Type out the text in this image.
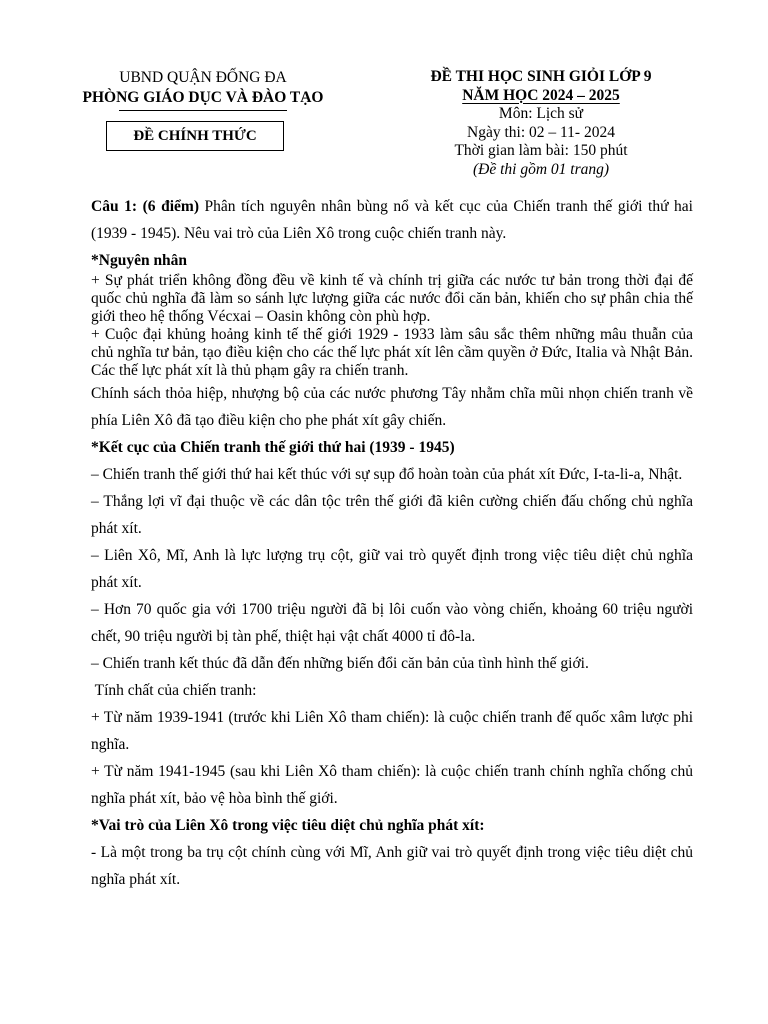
UBND QUẬN ĐỐNG ĐA
PHÒNG GIÁO DỤC VÀ ĐÀO TẠO
ĐỀ CHÍNH THỨC
ĐỀ THI HỌC SINH GIỎI LỚP 9
NĂM HỌC 2024 – 2025
Môn: Lịch sử
Ngày thi: 02 – 11- 2024
Thời gian làm bài: 150 phút
(Đề thi gồm 01 trang)

Câu 1: (6 điểm) Phân tích nguyên nhân bùng nổ và kết cục của Chiến tranh thế giới thứ hai (1939 - 1945). Nêu vai trò của Liên Xô trong cuộc chiến tranh này.

*Nguyên nhân

+ Sự phát triển không đồng đều về kinh tế và chính trị giữa các nước tư bản trong thời đại đế quốc chủ nghĩa đã làm so sánh lực lượng giữa các nước đổi căn bản, khiến cho sự phân chia thế giới theo hệ thống Vécxai – Oasin không còn phù hợp.

+ Cuộc đại khủng hoảng kinh tế thế giới 1929 - 1933 làm sâu sắc thêm những mâu thuẫn của chủ nghĩa tư bản, tạo điều kiện cho các thế lực phát xít lên cầm quyền ở Đức, Italia và Nhật Bản. Các thế lực phát xít là thủ phạm gây ra chiến tranh.

Chính sách thỏa hiệp, nhượng bộ của các nước phương Tây nhằm chĩa mũi nhọn chiến tranh về phía Liên Xô đã tạo điều kiện cho phe phát xít gây chiến.

*Kết cục của Chiến tranh thế giới thứ hai (1939 - 1945)

– Chiến tranh thế giới thứ hai kết thúc với sự sụp đổ hoàn toàn của phát xít Đức, I-ta-li-a, Nhật.

– Thắng lợi vĩ đại thuộc về các dân tộc trên thế giới đã kiên cường chiến đấu chống chủ nghĩa phát xít.

– Liên Xô, Mĩ, Anh là lực lượng trụ cột, giữ vai trò quyết định trong việc tiêu diệt chủ nghĩa phát xít.

– Hơn 70 quốc gia với 1700 triệu người đã bị lôi cuốn vào vòng chiến, khoảng 60 triệu người chết, 90 triệu người bị tàn phế, thiệt hại vật chất 4000 tỉ đô-la.

– Chiến tranh kết thúc đã dẫn đến những biến đổi căn bản của tình hình thế giới.

Tính chất của chiến tranh:

+ Từ năm 1939-1941 (trước khi Liên Xô tham chiến): là cuộc chiến tranh đế quốc xâm lược phi nghĩa.

+ Từ năm 1941-1945 (sau khi Liên Xô tham chiến): là cuộc chiến tranh chính nghĩa chống chủ nghĩa phát xít, bảo vệ hòa bình thế giới.

*Vai trò của Liên Xô trong việc tiêu diệt chủ nghĩa phát xít:

- Là một trong ba trụ cột chính cùng với Mĩ, Anh giữ vai trò quyết định trong việc tiêu diệt chủ nghĩa phát xít.
